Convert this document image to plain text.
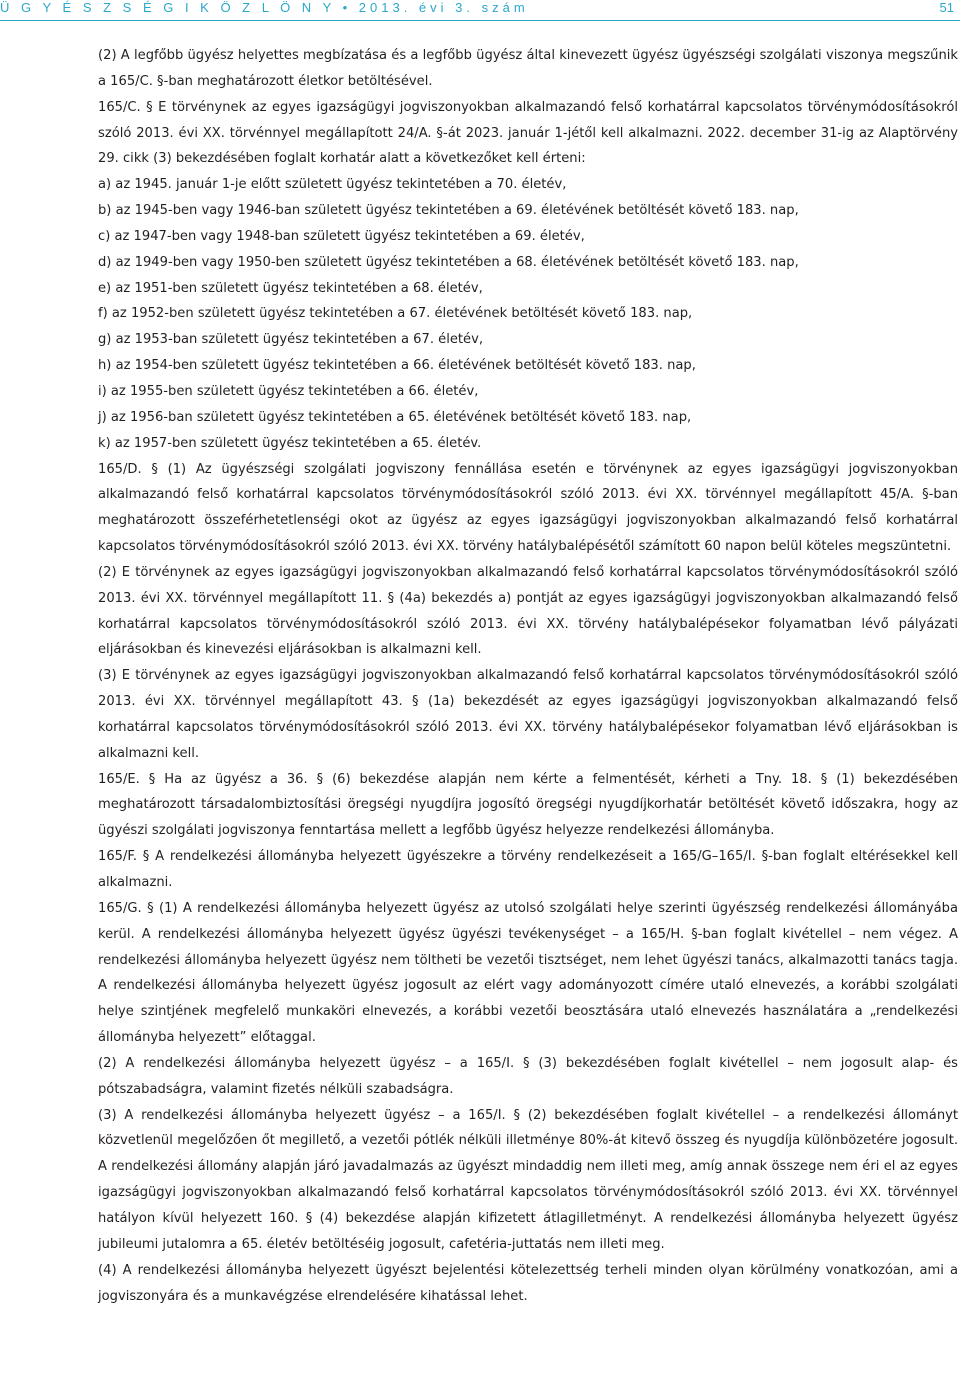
Ü G Y É S Z S É G I K Ö Z L Ö N Y • 2013. évi 3. szám	51

(2) A legfőbb ügyész helyettes megbízatása és a legfőbb ügyész által kinevezett ügyész ügyészségi szolgálati viszonya megszűnik a 165/C. §-ban meghatározott életkor betöltésével.

165/C. § E törvénynek az egyes igazságügyi jogviszonyokban alkalmazandó felső korhatárral kapcsolatos törvénymódosításokról szóló 2013. évi XX. törvénnyel megállapított 24/A. §-át 2023. január 1-jétől kell alkalmazni. 2022. december 31-ig az Alaptörvény 29. cikk (3) bekezdésében foglalt korhatár alatt a következőket kell érteni:

a) az 1945. január 1-je előtt született ügyész tekintetében a 70. életév,

b) az 1945-ben vagy 1946-ban született ügyész tekintetében a 69. életévének betöltését követő 183. nap,

c) az 1947-ben vagy 1948-ban született ügyész tekintetében a 69. életév,

d) az 1949-ben vagy 1950-ben született ügyész tekintetében a 68. életévének betöltését követő 183. nap,

e) az 1951-ben született ügyész tekintetében a 68. életév,

f) az 1952-ben született ügyész tekintetében a 67. életévének betöltését követő 183. nap,

g) az 1953-ban született ügyész tekintetében a 67. életév,

h) az 1954-ben született ügyész tekintetében a 66. életévének betöltését követő 183. nap,

i) az 1955-ben született ügyész tekintetében a 66. életév,

j) az 1956-ban született ügyész tekintetében a 65. életévének betöltését követő 183. nap,

k) az 1957-ben született ügyész tekintetében a 65. életév.

165/D. § (1) Az ügyészségi szolgálati jogviszony fennállása esetén e törvénynek az egyes igazságügyi jogviszonyokban alkalmazandó felső korhatárral kapcsolatos törvénymódosításokról szóló 2013. évi XX. törvénnyel megállapított 45/A. §-ban meghatározott összeférhetetlenségi okot az ügyész az egyes igazságügyi jogviszonyokban alkalmazandó felső korhatárral kapcsolatos törvénymódosításokról szóló 2013. évi XX. törvény hatálybalépésétől számított 60 napon belül köteles megszüntetni.

(2) E törvénynek az egyes igazságügyi jogviszonyokban alkalmazandó felső korhatárral kapcsolatos törvénymódosításokról szóló 2013. évi XX. törvénnyel megállapított 11. § (4a) bekezdés a) pontját az egyes igazságügyi jogviszonyokban alkalmazandó felső korhatárral kapcsolatos törvénymódosításokról szóló 2013. évi XX. törvény hatálybalépésekor folyamatban lévő pályázati eljárásokban és kinevezési eljárásokban is alkalmazni kell.

(3) E törvénynek az egyes igazságügyi jogviszonyokban alkalmazandó felső korhatárral kapcsolatos törvénymódosításokról szóló 2013. évi XX. törvénnyel megállapított 43. § (1a) bekezdését az egyes igazságügyi jogviszonyokban alkalmazandó felső korhatárral kapcsolatos törvénymódosításokról szóló 2013. évi XX. törvény hatálybalépésekor folyamatban lévő eljárásokban is alkalmazni kell.

165/E. § Ha az ügyész a 36. § (6) bekezdése alapján nem kérte a felmentését, kérheti a Tny. 18. § (1) bekezdésében meghatározott társadalombiztosítási öregségi nyugdíjra jogosító öregségi nyugdíjkorhatár betöltését követő időszakra, hogy az ügyészi szolgálati jogviszonya fenntartása mellett a legfőbb ügyész helyezze rendelkezési állományba.

165/F. § A rendelkezési állományba helyezett ügyészekre a törvény rendelkezéseit a 165/G–165/I. §-ban foglalt eltérésekkel kell alkalmazni.

165/G. § (1) A rendelkezési állományba helyezett ügyész az utolsó szolgálati helye szerinti ügyészség rendelkezési állományába kerül. A rendelkezési állományba helyezett ügyész ügyészi tevékenységet – a 165/H. §-ban foglalt kivétellel – nem végez. A rendelkezési állományba helyezett ügyész nem töltheti be vezetői tisztséget, nem lehet ügyészi tanács, alkalmazotti tanács tagja. A rendelkezési állományba helyezett ügyész jogosult az elért vagy adományozott címére utaló elnevezés, a korábbi szolgálati helye szintjének megfelelő munkaköri elnevezés, a korábbi vezetői beosztására utaló elnevezés használatára a „rendelkezési állományba helyezett” előtaggal.

(2) A rendelkezési állományba helyezett ügyész – a 165/I. § (3) bekezdésében foglalt kivétellel – nem jogosult alap- és pótszabadságra, valamint fizetés nélküli szabadságra.

(3) A rendelkezési állományba helyezett ügyész – a 165/I. § (2) bekezdésében foglalt kivétellel – a rendelkezési állományt közvetlenül megelőzően őt megillető, a vezetői pótlék nélküli illetménye 80%-át kitevő összeg és nyugdíja különbözetére jogosult. A rendelkezési állomány alapján járó javadalmazás az ügyészt mindaddig nem illeti meg, amíg annak összege nem éri el az egyes igazságügyi jogviszonyokban alkalmazandó felső korhatárral kapcsolatos törvénymódosításokról szóló 2013. évi XX. törvénnyel hatályon kívül helyezett 160. § (4) bekezdése alapján kifizetett átlagilletményt. A rendelkezési állományba helyezett ügyész jubileumi jutalomra a 65. életév betöltéséig jogosult, cafetéria-juttatás nem illeti meg.

(4) A rendelkezési állományba helyezett ügyészt bejelentési kötelezettség terheli minden olyan körülmény vonatkozóan, ami a jogviszonyára és a munkavégzése elrendelésére kihatással lehet.
